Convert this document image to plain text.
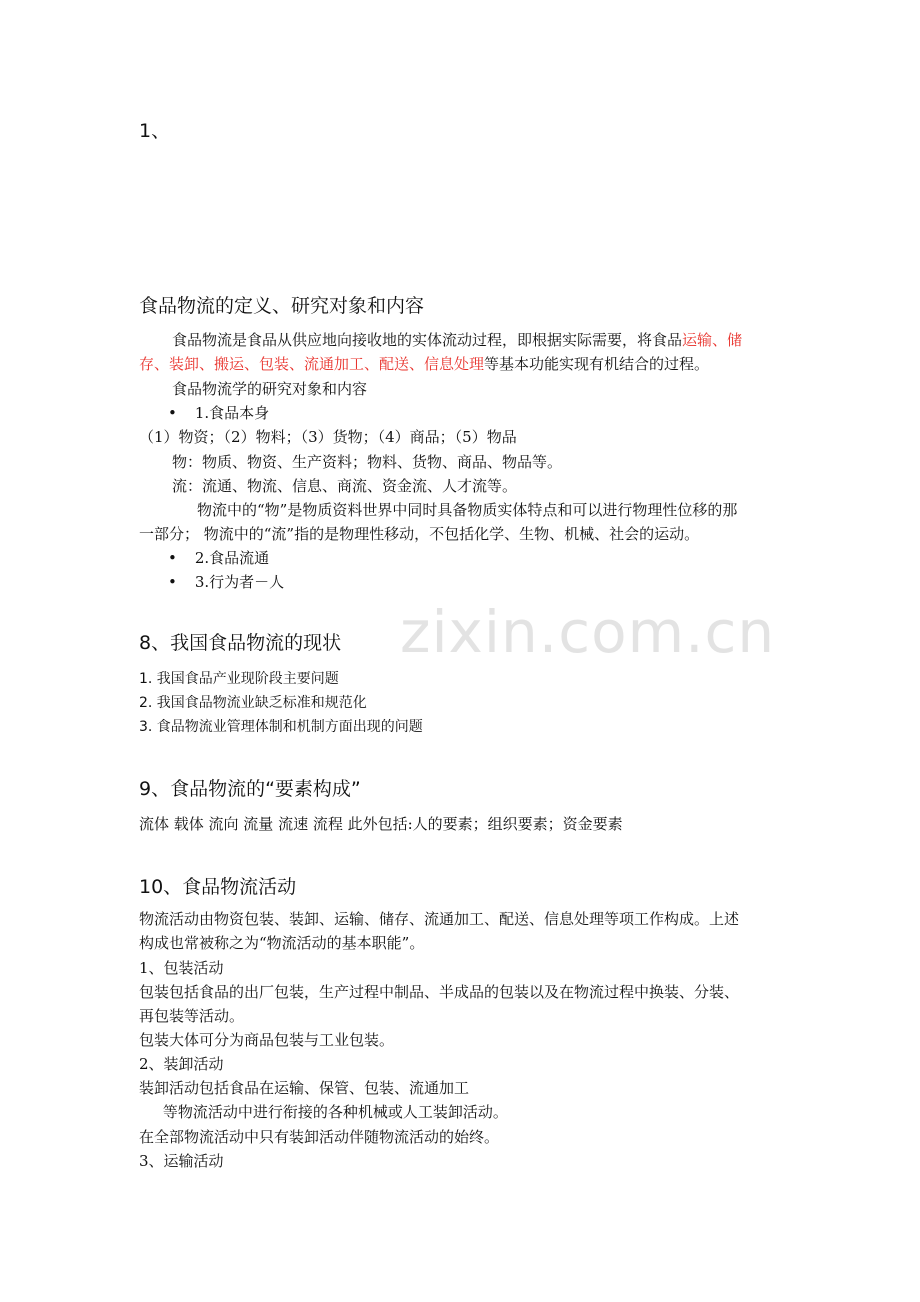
zixin.com.cn
1、
食品物流的定义、研究对象和内容
食品物流是食品从供应地向接收地的实体流动过程，即根据实际需要，将食品运输、储
存、装卸、搬运、包装、流通加工、配送、信息处理等基本功能实现有机结合的过程。
食品物流学的研究对象和内容
• 1.食品本身
（1）物资；（2）物料；（3）货物；（4）商品；（5）物品
物：物质、物资、生产资料；物料、货物、商品、物品等。
流：流通、物流、信息、商流、资金流、人才流等。
物流中的“物”是物质资料世界中同时具备物质实体特点和可以进行物理性位移的那
一部分； 物流中的“流”指的是物理性移动，不包括化学、生物、机械、社会的运动。
• 2.食品流通
• 3.行为者－人
8、我国食品物流的现状
1. 我国食品产业现阶段主要问题
2. 我国食品物流业缺乏标准和规范化
3. 食品物流业管理体制和机制方面出现的问题
9、食品物流的“要素构成”
流体 载体 流向 流量 流速 流程 此外包括:人的要素；组织要素；资金要素
10、食品物流活动
物流活动由物资包装、装卸、运输、储存、流通加工、配送、信息处理等项工作构成。上述
构成也常被称之为“物流活动的基本职能”。
1、包装活动
包装包括食品的出厂包装，生产过程中制品、半成品的包装以及在物流过程中换装、分装、
再包装等活动。
包装大体可分为商品包装与工业包装。
2、装卸活动
装卸活动包括食品在运输、保管、包装、流通加工
等物流活动中进行衔接的各种机械或人工装卸活动。
在全部物流活动中只有装卸活动伴随物流活动的始终。
3、运输活动
